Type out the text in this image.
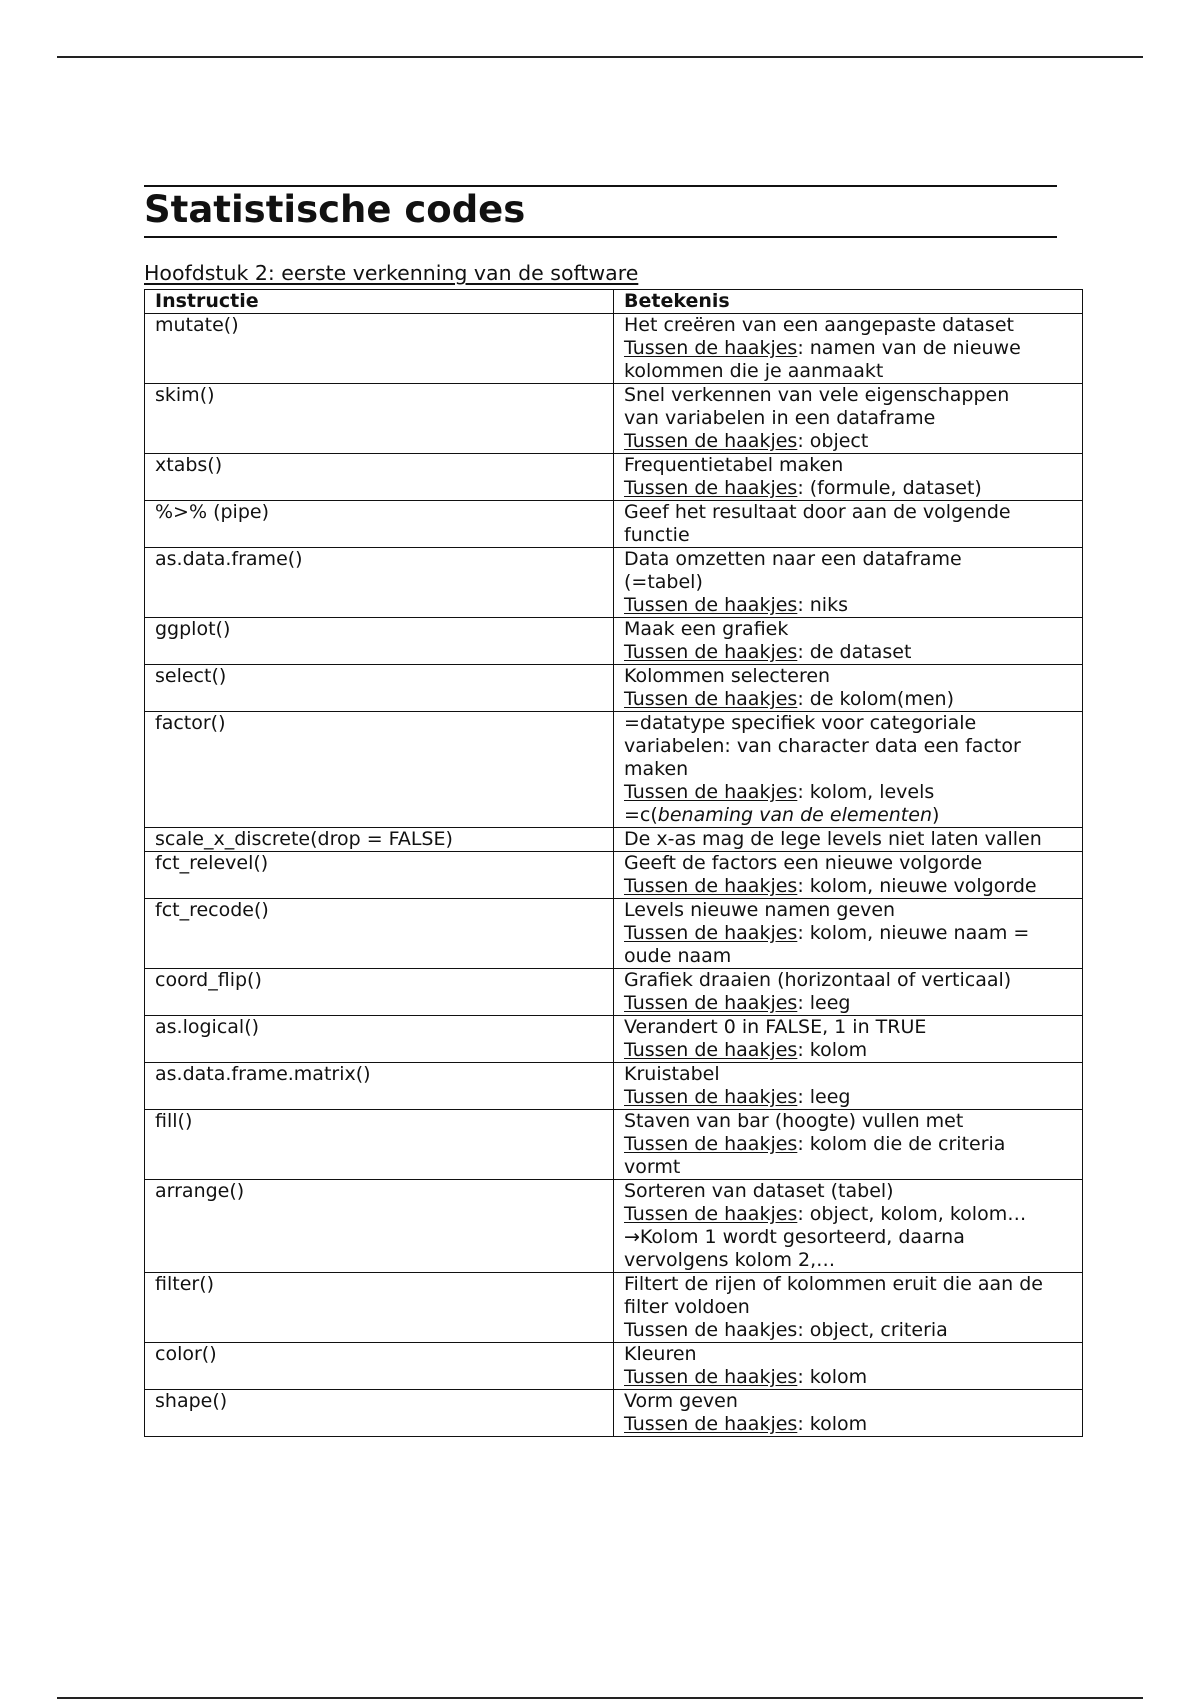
Statistische codes
Hoofdstuk 2: eerste verkenning van de software
Instructie	Betekenis
mutate()	Het creëren van een aangepaste dataset
Tussen de haakjes: namen van de nieuwe
kolommen die je aanmaakt

skim()	Snel verkennen van vele eigenschappen
van variabelen in een dataframe
Tussen de haakjes: object

xtabs()	Frequentietabel maken
Tussen de haakjes: (formule, dataset)

%>% (pipe)	Geef het resultaat door aan de volgende
functie

as.data.frame()	Data omzetten naar een dataframe
(=tabel)
Tussen de haakjes: niks

ggplot()	Maak een grafiek
Tussen de haakjes: de dataset

select()	Kolommen selecteren
Tussen de haakjes: de kolom(men)

factor()	=datatype specifiek voor categoriale
variabelen: van character data een factor
maken
Tussen de haakjes: kolom, levels
=c(benaming van de elementen)

scale_x_discrete(drop = FALSE)	De x-as mag de lege levels niet laten vallen

fct_relevel()	Geeft de factors een nieuwe volgorde
Tussen de haakjes: kolom, nieuwe volgorde

fct_recode()	Levels nieuwe namen geven
Tussen de haakjes: kolom, nieuwe naam =
oude naam

coord_flip()	Grafiek draaien (horizontaal of verticaal)
Tussen de haakjes: leeg

as.logical()	Verandert 0 in FALSE, 1 in TRUE
Tussen de haakjes: kolom

as.data.frame.matrix()	Kruistabel
Tussen de haakjes: leeg

fill()	Staven van bar (hoogte) vullen met
Tussen de haakjes: kolom die de criteria
vormt

arrange()	Sorteren van dataset (tabel)
Tussen de haakjes: object, kolom, kolom…
→Kolom 1 wordt gesorteerd, daarna
vervolgens kolom 2,…

filter()	Filtert de rijen of kolommen eruit die aan de
filter voldoen
Tussen de haakjes: object, criteria

color()	Kleuren
Tussen de haakjes: kolom

shape()	Vorm geven
Tussen de haakjes: kolom
